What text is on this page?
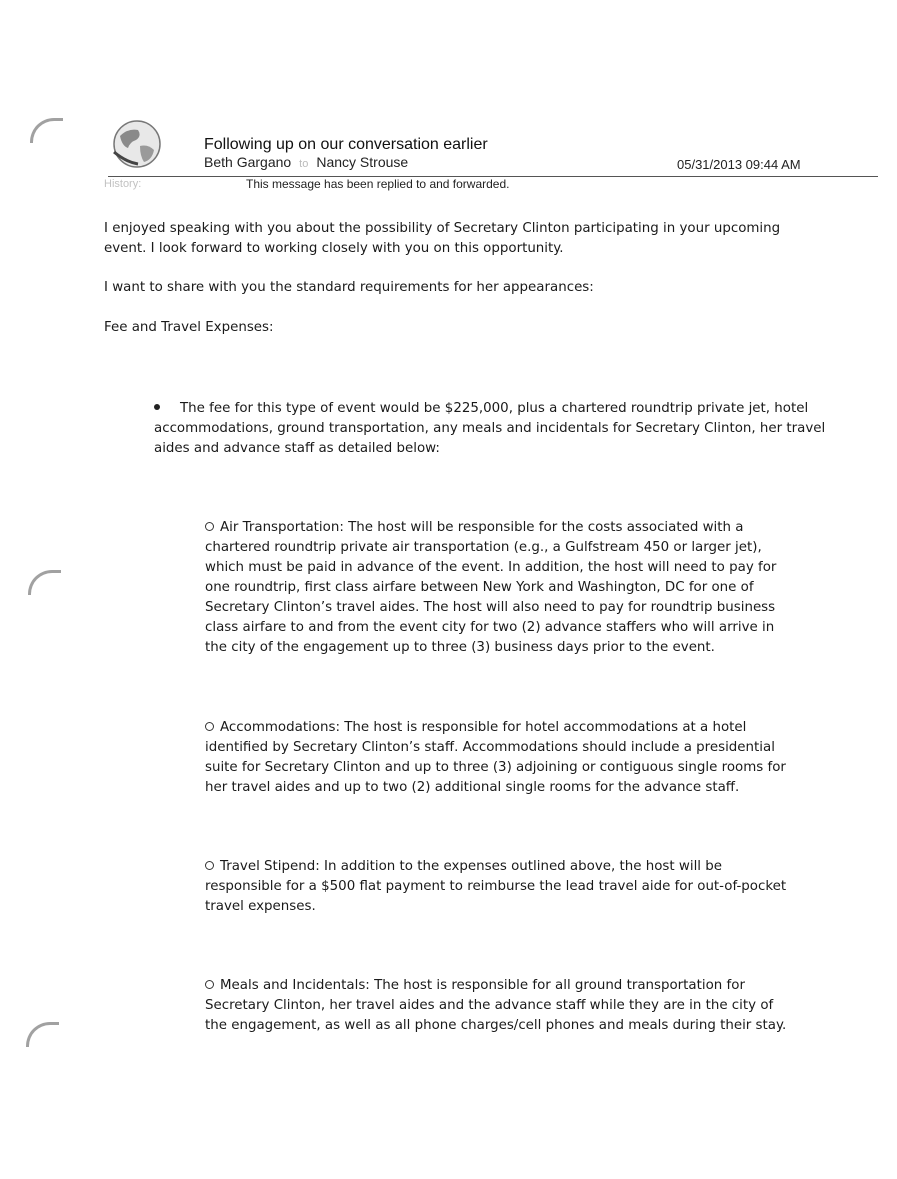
Following up on our conversation earlier
Beth Gargano to Nancy Strouse	05/31/2013 09:44 AM
History:	This message has been replied to and forwarded.
I enjoyed speaking with you about the possibility of Secretary Clinton participating in your upcoming event. I look forward to working closely with you on this opportunity.
I want to share with you the standard requirements for her appearances:
Fee and Travel Expenses:
The fee for this type of event would be $225,000, plus a chartered roundtrip private jet, hotel accommodations, ground transportation, any meals and incidentals for Secretary Clinton, her travel aides and advance staff as detailed below:
Air Transportation: The host will be responsible for the costs associated with a chartered roundtrip private air transportation (e.g., a Gulfstream 450 or larger jet), which must be paid in advance of the event. In addition, the host will need to pay for one roundtrip, first class airfare between New York and Washington, DC for one of Secretary Clinton’s travel aides. The host will also need to pay for roundtrip business class airfare to and from the event city for two (2) advance staffers who will arrive in the city of the engagement up to three (3) business days prior to the event.
Accommodations: The host is responsible for hotel accommodations at a hotel identified by Secretary Clinton’s staff. Accommodations should include a presidential suite for Secretary Clinton and up to three (3) adjoining or contiguous single rooms for her travel aides and up to two (2) additional single rooms for the advance staff.
Travel Stipend: In addition to the expenses outlined above, the host will be responsible for a $500 flat payment to reimburse the lead travel aide for out-of-pocket travel expenses.
Meals and Incidentals: The host is responsible for all ground transportation for Secretary Clinton, her travel aides and the advance staff while they are in the city of the engagement, as well as all phone charges/cell phones and meals during their stay.
